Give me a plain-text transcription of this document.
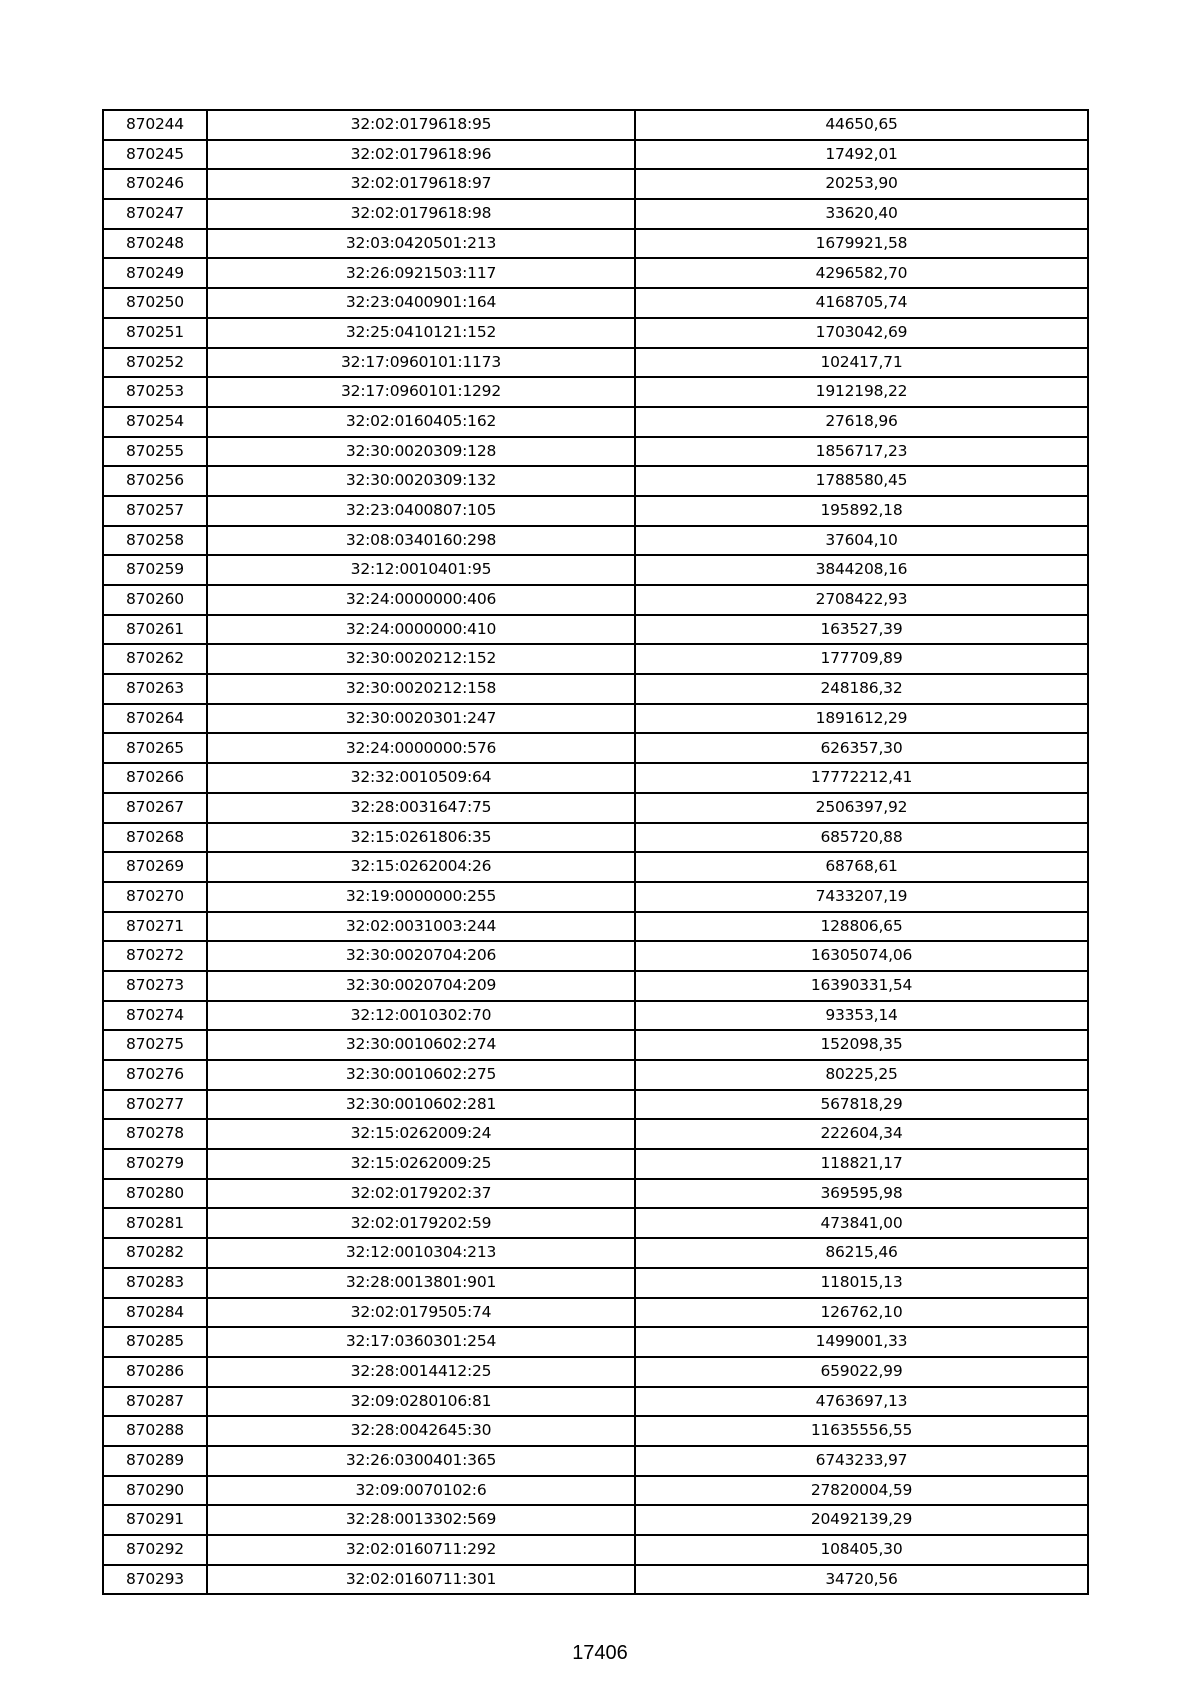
870244	32:02:0179618:95	44650,65
870245	32:02:0179618:96	17492,01
870246	32:02:0179618:97	20253,90
870247	32:02:0179618:98	33620,40
870248	32:03:0420501:213	1679921,58
870249	32:26:0921503:117	4296582,70
870250	32:23:0400901:164	4168705,74
870251	32:25:0410121:152	1703042,69
870252	32:17:0960101:1173	102417,71
870253	32:17:0960101:1292	1912198,22
870254	32:02:0160405:162	27618,96
870255	32:30:0020309:128	1856717,23
870256	32:30:0020309:132	1788580,45
870257	32:23:0400807:105	195892,18
870258	32:08:0340160:298	37604,10
870259	32:12:0010401:95	3844208,16
870260	32:24:0000000:406	2708422,93
870261	32:24:0000000:410	163527,39
870262	32:30:0020212:152	177709,89
870263	32:30:0020212:158	248186,32
870264	32:30:0020301:247	1891612,29
870265	32:24:0000000:576	626357,30
870266	32:32:0010509:64	17772212,41
870267	32:28:0031647:75	2506397,92
870268	32:15:0261806:35	685720,88
870269	32:15:0262004:26	68768,61
870270	32:19:0000000:255	7433207,19
870271	32:02:0031003:244	128806,65
870272	32:30:0020704:206	16305074,06
870273	32:30:0020704:209	16390331,54
870274	32:12:0010302:70	93353,14
870275	32:30:0010602:274	152098,35
870276	32:30:0010602:275	80225,25
870277	32:30:0010602:281	567818,29
870278	32:15:0262009:24	222604,34
870279	32:15:0262009:25	118821,17
870280	32:02:0179202:37	369595,98
870281	32:02:0179202:59	473841,00
870282	32:12:0010304:213	86215,46
870283	32:28:0013801:901	118015,13
870284	32:02:0179505:74	126762,10
870285	32:17:0360301:254	1499001,33
870286	32:28:0014412:25	659022,99
870287	32:09:0280106:81	4763697,13
870288	32:28:0042645:30	11635556,55
870289	32:26:0300401:365	6743233,97
870290	32:09:0070102:6	27820004,59
870291	32:28:0013302:569	20492139,29
870292	32:02:0160711:292	108405,30
870293	32:02:0160711:301	34720,56
17406
